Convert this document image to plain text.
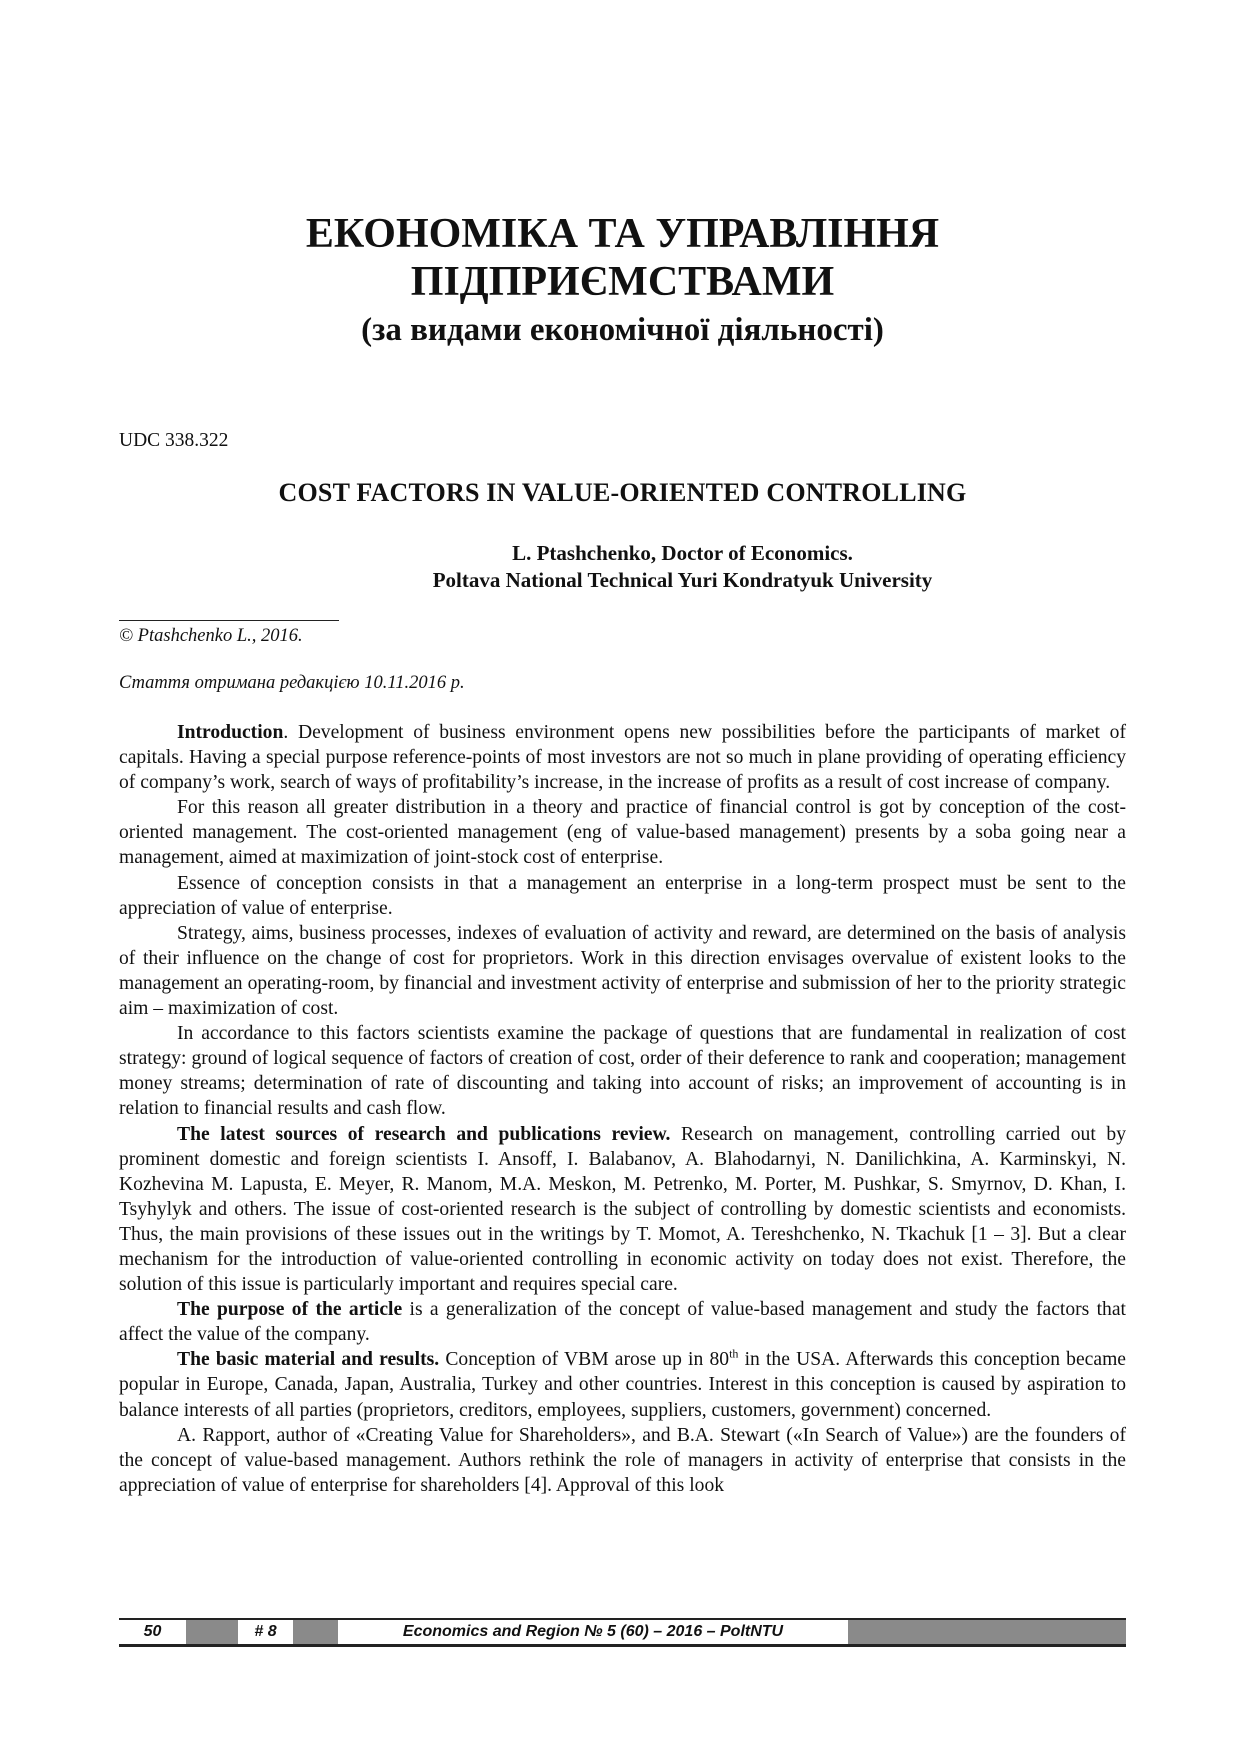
ЕКОНОМІКА ТА УПРАВЛІННЯ
ПІДПРИЄМСТВАМИ
(за видами економічної діяльності)
UDC 338.322
COST FACTORS IN VALUE-ORIENTED CONTROLLING
L. Ptashchenko, Doctor of Economics.
Poltava National Technical Yuri Kondratyuk University
© Ptashchenko L., 2016.
Стаття отримана редакцією 10.11.2016 р.

Introduction. Development of business environment opens new possibilities before the participants of market of capitals. Having a special purpose reference-points of most investors are not so much in plane providing of operating efficiency of company’s work, search of ways of profitability’s increase, in the increase of profits as a result of cost increase of company.

For this reason all greater distribution in a theory and practice of financial control is got by conception of the cost-oriented management. The cost-oriented management (eng of value-based management) presents by a soba going near a management, aimed at maximization of joint-stock cost of enterprise.

Essence of conception consists in that a management an enterprise in a long-term prospect must be sent to the appreciation of value of enterprise.

Strategy, aims, business processes, indexes of evaluation of activity and reward, are determined on the basis of analysis of their influence on the change of cost for proprietors. Work in this direction envisages overvalue of existent looks to the management an operating-room, by financial and investment activity of enterprise and submission of her to the priority strategic aim – maximization of cost.

In accordance to this factors scientists examine the package of questions that are fundamental in realization of cost strategy: ground of logical sequence of factors of creation of cost, order of their deference to rank and cooperation; management money streams; determination of rate of discounting and taking into account of risks; an improvement of accounting is in relation to financial results and cash flow.

The latest sources of research and publications review. Research on management, controlling carried out by prominent domestic and foreign scientists I. Ansoff, I. Balabanov, A. Blahodarnyi, N. Danilichkina, A. Karminskyi, N. Kozhevina M. Lapusta, E. Meyer, R. Manom, M.A. Meskon, M. Petrenko, M. Porter, M. Pushkar, S. Smyrnov, D. Khan, I. Tsyhylyk and others. The issue of cost-oriented research is the subject of controlling by domestic scientists and economists. Thus, the main provisions of these issues out in the writings by T. Momot, A. Tereshchenko, N. Tkachuk [1 – 3]. But a clear mechanism for the introduction of value-oriented controlling in economic activity on today does not exist. Therefore, the solution of this issue is particularly important and requires special care.

The purpose of the article is a generalization of the concept of value-based management and study the factors that affect the value of the company.

The basic material and results. Conception of VBM arose up in 80th in the USA. Afterwards this conception became popular in Europe, Canada, Japan, Australia, Turkey and other countries. Interest in this conception is caused by aspiration to balance interests of all parties (proprietors, creditors, employees, suppliers, customers, government) concerned.

A. Rapport, author of «Creating Value for Shareholders», and B.A. Stewart («In Search of Value») are the founders of the concept of value-based management. Authors rethink the role of managers in activity of enterprise that consists in the appreciation of value of enterprise for shareholders [4]. Approval of this look

50	# 8	Economics and Region № 5 (60) – 2016 – PoltNTU
